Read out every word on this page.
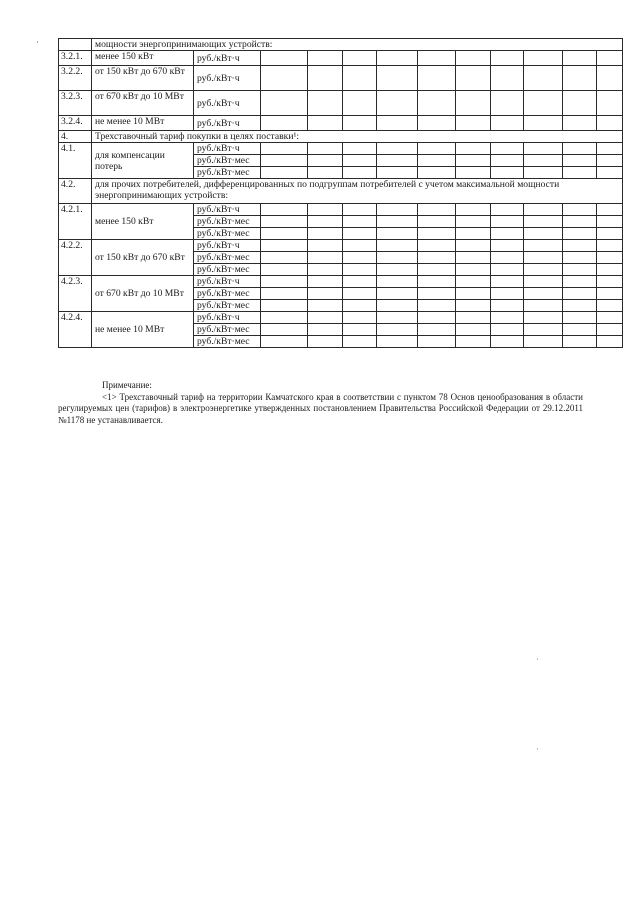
·
·
·
	мощности энергопринимающих устройств:											
3.2.1.	менее 150 кВт	руб./кВт·ч										
3.2.2.	от 150 кВт до 670 кВт	руб./кВт·ч										
3.2.3.	от 670 кВт до 10 МВт	руб./кВт·ч										
3.2.4.	не менее 10 МВт	руб./кВт·ч										
4.	Трехставочный тариф покупки в целях поставки¹:											
4.1.	для компенсации потерь	руб./кВт·ч										
		руб./кВт·мес										
		руб./кВт·мес										
4.2.	для прочих потребителей, дифференцированных по подгруппам потребителей с учетом максимальной мощности энергопринимающих устройств:											
4.2.1.	менее 150 кВт	руб./кВт·ч										
		руб./кВт·мес										
		руб./кВт·мес										
4.2.2.	от 150 кВт до 670 кВт	руб./кВт·ч										
		руб./кВт·мес										
		руб./кВт·мес										
4.2.3.	от 670 кВт до 10 МВт	руб./кВт·ч										
		руб./кВт·мес										
		руб./кВт·мес										
4.2.4.	не менее 10 МВт	руб./кВт·ч										
		руб./кВт·мес										
		руб./кВт·мес										
Примечание:
<1> Трехставочный тариф на территории Камчатского края в соответствии с пунктом 78 Основ ценообразования в области регулируемых цен (тарифов) в электроэнергетике утвержденных постановлением Правительства Российской Федерации от 29.12.2011 №1178 не устанавливается.
